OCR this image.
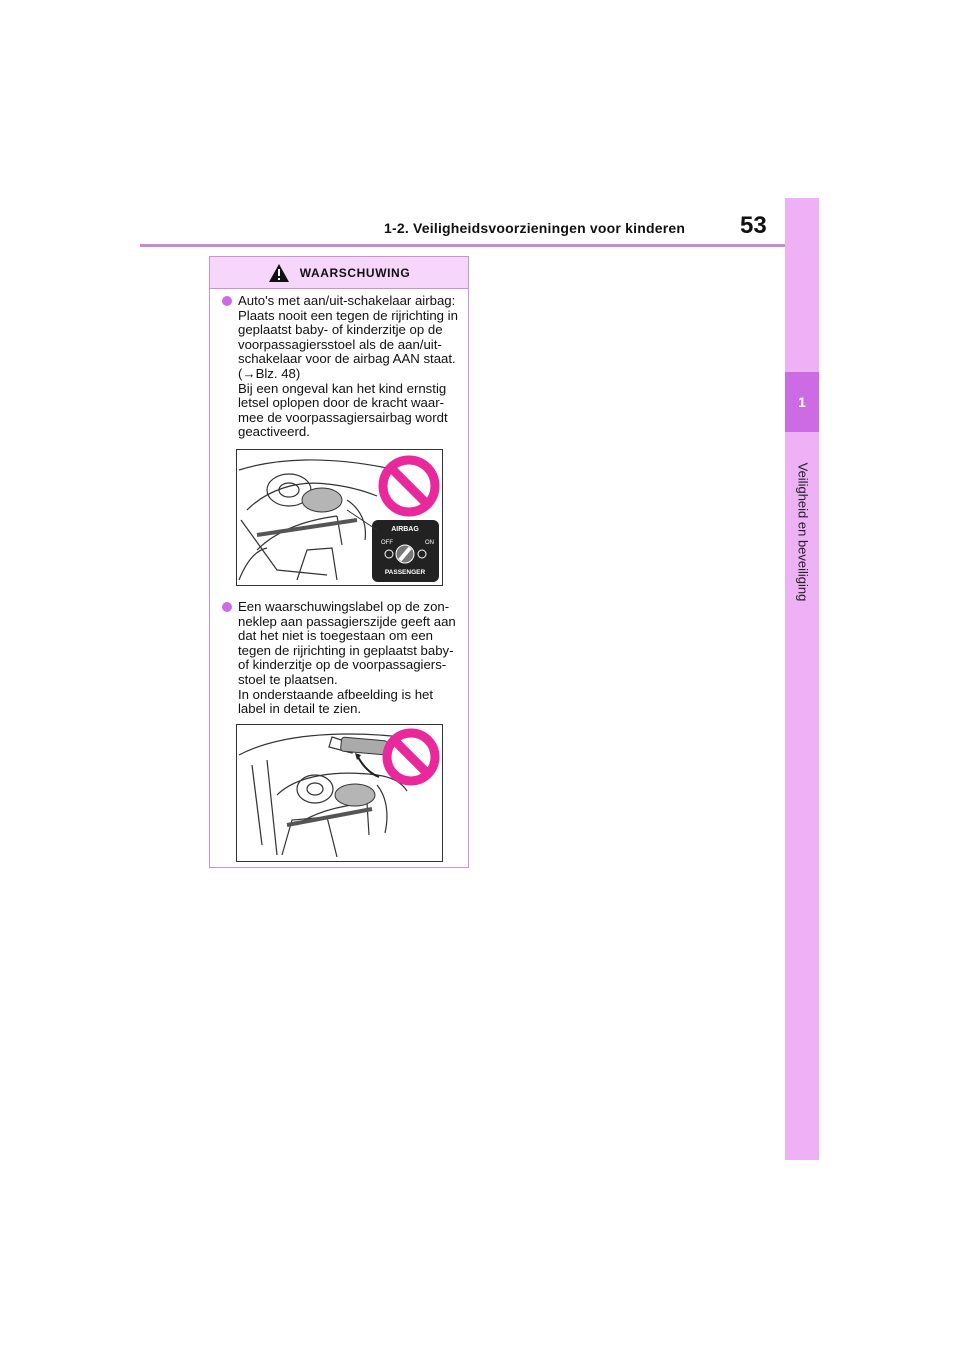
1
Veiligheid en beveiliging
1-2. Veiligheidsvoorzieningen voor kinderen 53
WAARSCHUWING
Auto's met aan/uit-schakelaar airbag:
Plaats nooit een tegen de rijrichting in
geplaatst baby- of kinderzitje op de
voorpassagiersstoel als de aan/uit-
schakelaar voor de airbag AAN staat.
(→Blz. 48)
Bij een ongeval kan het kind ernstig
letsel oplopen door de kracht waar-
mee de voorpassagiersairbag wordt
geactiveerd.
AIRBAG
OFF	ON
PASSENGER
Een waarschuwingslabel op de zon-
neklep aan passagierszijde geeft aan
dat het niet is toegestaan om een
tegen de rijrichting in geplaatst baby-
of kinderzitje op de voorpassagiers-
stoel te plaatsen.
In onderstaande afbeelding is het
label in detail te zien.
